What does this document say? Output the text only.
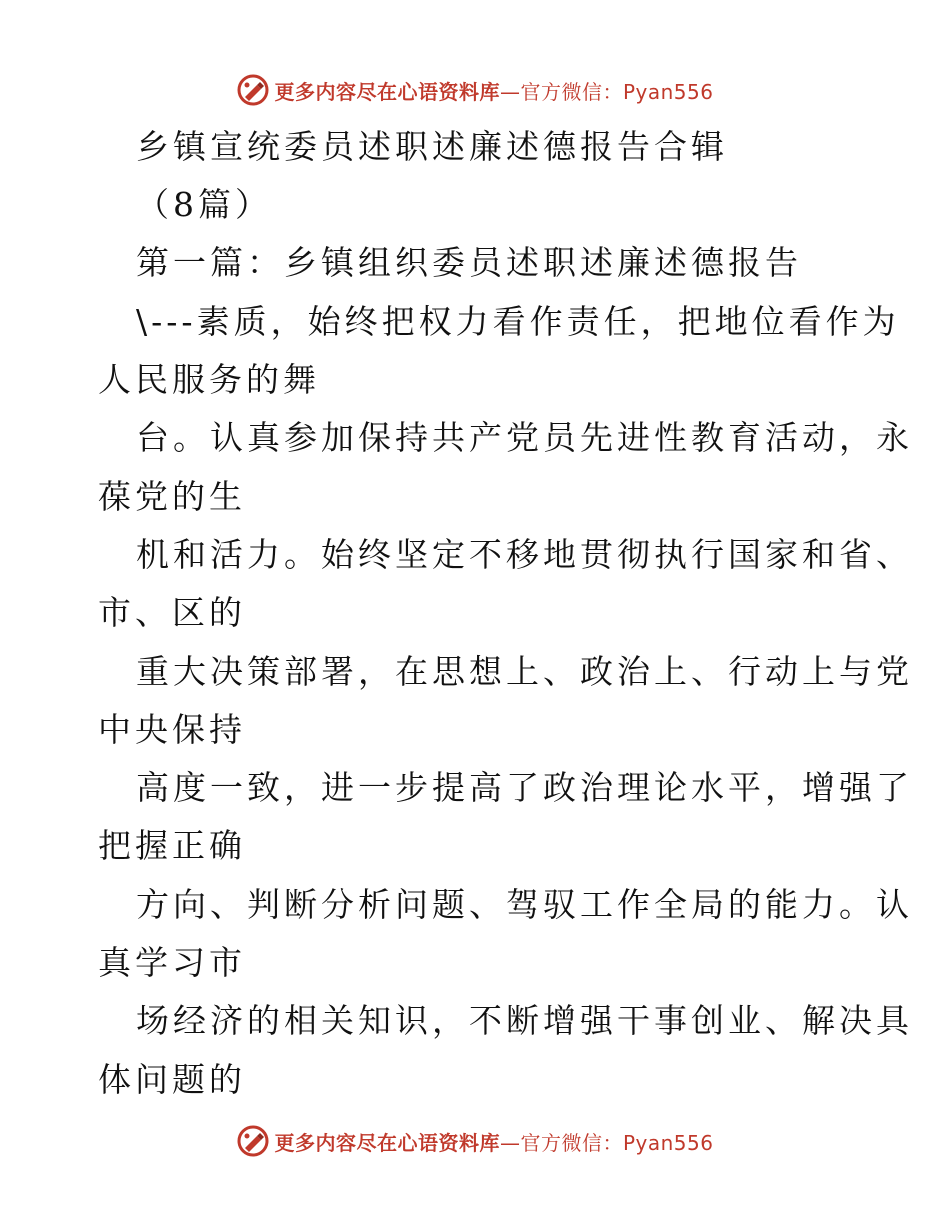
更多内容尽在心语资料库 —官方微信：Pyan556
乡镇宣统委员述职述廉述德报告合辑
（8篇）
第一篇：乡镇组织委员述职述廉述德报告
\---素质，始终把权力看作责任，把地位看作为
人民服务的舞
台。认真参加保持共产党员先进性教育活动，永
葆党的生
机和活力。始终坚定不移地贯彻执行国家和省、
市、区的
重大决策部署，在思想上、政治上、行动上与党
中央保持
高度一致，进一步提高了政治理论水平，增强了
把握正确
方向、判断分析问题、驾驭工作全局的能力。认
真学习市
场经济的相关知识，不断增强干事创业、解决具
体问题的
更多内容尽在心语资料库 —官方微信：Pyan556
